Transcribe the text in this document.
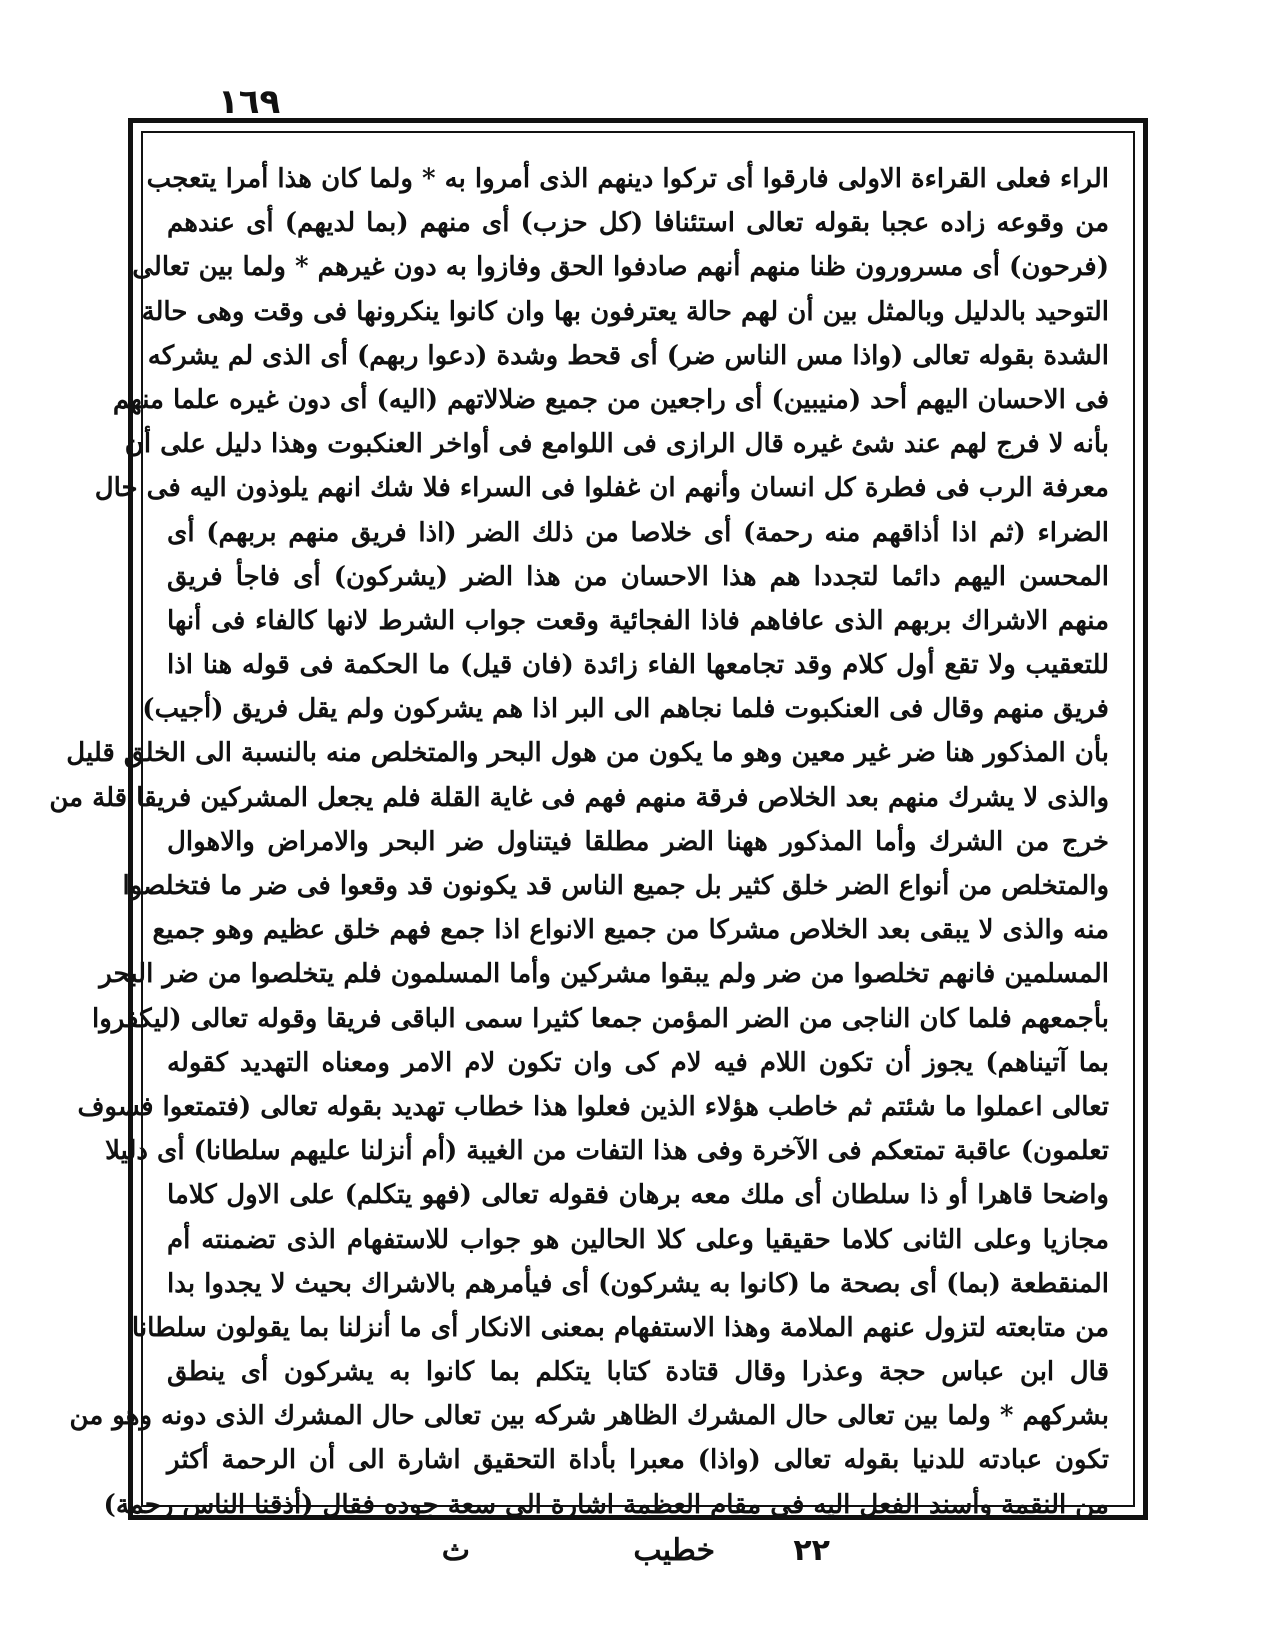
١٦٩
الراء فعلى القراءة الاولى فارقوا أى تركوا دينهم الذى أمروا به * ولما كان هذا أمرا يتعجب
من وقوعه زاده عجبا بقوله تعالى استئنافا (كل حزب) أى منهم (بما لديهم) أى عندهم
(فرحون) أى مسرورون ظنا منهم أنهم صادفوا الحق وفازوا به دون غيرهم * ولما بين تعالى
التوحيد بالدليل وبالمثل بين أن لهم حالة يعترفون بها وان كانوا ينكرونها فى وقت وهى حالة
الشدة بقوله تعالى (واذا مس الناس ضر) أى قحط وشدة (دعوا ربهم) أى الذى لم يشركه
فى الاحسان اليهم أحد (منيبين) أى راجعين من جميع ضلالاتهم (اليه) أى دون غيره علما منهم
بأنه لا فرج لهم عند شئ غيره قال الرازى فى اللوامع فى أواخر العنكبوت وهذا دليل على أن
معرفة الرب فى فطرة كل انسان وأنهم ان غفلوا فى السراء فلا شك انهم يلوذون اليه فى حال
الضراء (ثم اذا أذاقهم منه رحمة) أى خلاصا من ذلك الضر (اذا فريق منهم بربهم) أى
المحسن اليهم دائما لتجددا هم هذا الاحسان من هذا الضر (يشركون) أى فاجأ فريق
منهم الاشراك بربهم الذى عافاهم فاذا الفجائية وقعت جواب الشرط لانها كالفاء فى أنها
للتعقيب ولا تقع أول كلام وقد تجامعها الفاء زائدة (فان قيل) ما الحكمة فى قوله هنا اذا
فريق منهم وقال فى العنكبوت فلما نجاهم الى البر اذا هم يشركون ولم يقل فريق (أجيب)
بأن المذكور هنا ضر غير معين وهو ما يكون من هول البحر والمتخلص منه بالنسبة الى الخلق قليل
والذى لا يشرك منهم بعد الخلاص فرقة منهم فهم فى غاية القلة فلم يجعل المشركين فريقا قلة من
خرج من الشرك وأما المذكور ههنا الضر مطلقا فيتناول ضر البحر والامراض والاهوال
والمتخلص من أنواع الضر خلق كثير بل جميع الناس قد يكونون قد وقعوا فى ضر ما فتخلصوا
منه والذى لا يبقى بعد الخلاص مشركا من جميع الانواع اذا جمع فهم خلق عظيم وهو جميع
المسلمين فانهم تخلصوا من ضر ولم يبقوا مشركين وأما المسلمون فلم يتخلصوا من ضر البحر
بأجمعهم فلما كان الناجى من الضر المؤمن جمعا كثيرا سمى الباقى فريقا وقوله تعالى (ليكفروا
بما آتيناهم) يجوز أن تكون اللام فيه لام كى وان تكون لام الامر ومعناه التهديد كقوله
تعالى اعملوا ما شئتم ثم خاطب هؤلاء الذين فعلوا هذا خطاب تهديد بقوله تعالى (فتمتعوا فسوف
تعلمون) عاقبة تمتعكم فى الآخرة وفى هذا التفات من الغيبة (أم أنزلنا عليهم سلطانا) أى دليلا
واضحا قاهرا أو ذا سلطان أى ملك معه برهان فقوله تعالى (فهو يتكلم) على الاول كلاما
مجازيا وعلى الثانى كلاما حقيقيا وعلى كلا الحالين هو جواب للاستفهام الذى تضمنته أم
المنقطعة (بما) أى بصحة ما (كانوا به يشركون) أى فيأمرهم بالاشراك بحيث لا يجدوا بدا
من متابعته لتزول عنهم الملامة وهذا الاستفهام بمعنى الانكار أى ما أنزلنا بما يقولون سلطانا
قال ابن عباس حجة وعذرا وقال قتادة كتابا يتكلم بما كانوا به يشركون أى ينطق
بشركهم * ولما بين تعالى حال المشرك الظاهر شركه بين تعالى حال المشرك الذى دونه وهو من
تكون عبادته للدنيا بقوله تعالى (واذا) معبرا بأداة التحقيق اشارة الى أن الرحمة أكثر
من النقمة وأسند الفعل اليه فى مقام العظمة اشارة الى سعة جوده فقال (أذقنا الناس رحمة)
٢٢
خطيب
ث
